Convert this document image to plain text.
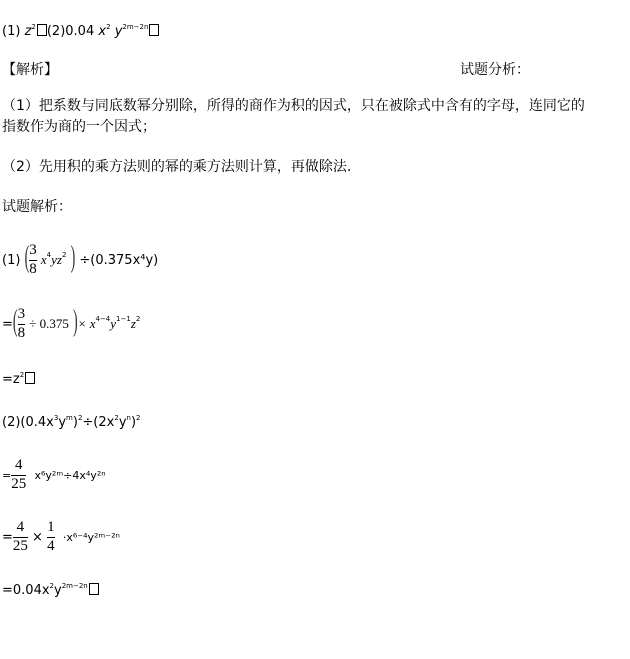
(1) $z^2$ (2)0.04 $x^2$ $y^{2m-2n}$
【解析】	试题分析：
（1）把系数与同底数幂分别除，所得的商作为积的因式，只在被除式中含有的字母，连同它的
指数作为商的一个因式；
（2）先用积的乘方法则的幂的乘方法则计算，再做除法.
试题解析：
(1) ( $\frac{3}{8} x^4yz^2$ ) ÷(0.375x⁴y)
=( $\frac{3}{8} \div 0.375$ )× $x^{4-4}y^{1-1}z^2$
$=z^2$
$(2)(0.4x^3y^m)^2\div(2x^2y^n)^2$
= $\frac{4}{25}$ x⁶y²ᵐ÷4x⁴y²ⁿ
= $\frac{4}{25} \times \frac{1}{4}$ ·x⁶⁻⁴y²ᵐ⁻²ⁿ
$=0.04x^2y^{2m-2n}$
